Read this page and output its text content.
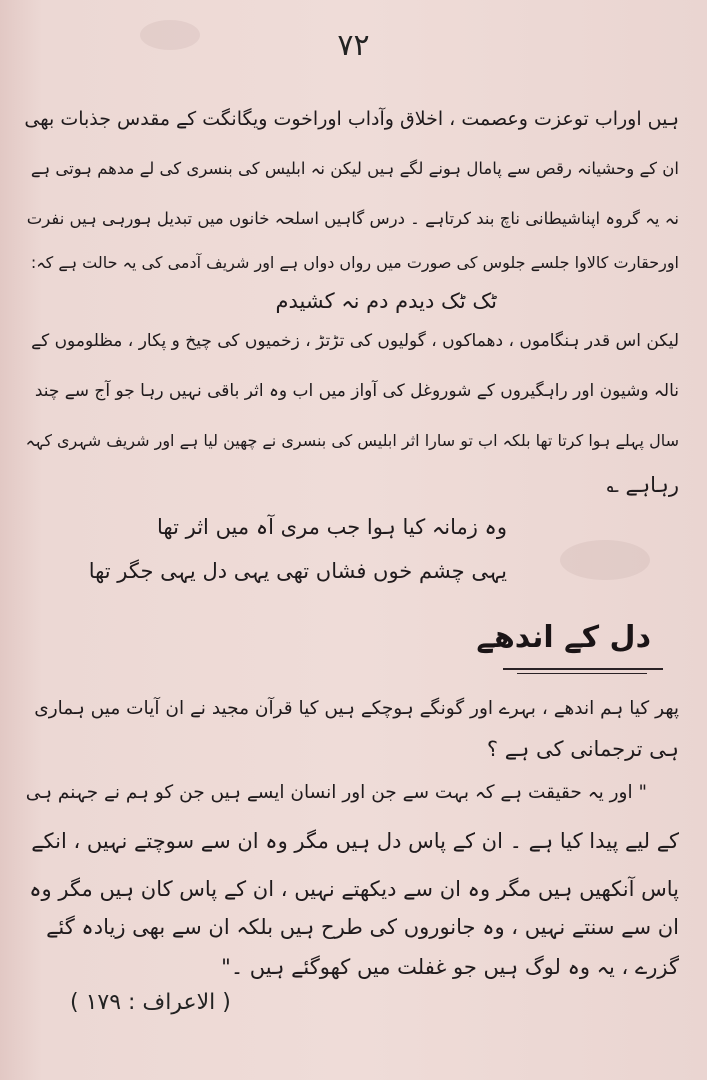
۷۲
ہیں اوراب توعزت وعصمت ، اخلاق وآداب اوراخوت ویگانگت کے مقدس جذبات بھی
ان کے وحشیانہ رقص سے پامال ہونے لگے ہیں لیکن نہ ابلیس کی بنسری کی لے مدھم ہوتی ہے
نہ یہ گروہ اپناشیطانی ناچ بند کرتاہے ۔ درس گاہیں اسلحہ خانوں میں تبدیل ہورہی ہیں نفرت
اورحقارت کالاوا جلسے جلوس کی صورت میں رواں دواں ہے اور شریف آدمی کی یہ حالت ہے کہ:
ٹک ٹک دیدم دم نہ کشیدم
لیکن اس قدر ہنگاموں ، دھماکوں ، گولیوں کی تڑتڑ ، زخمیوں کی چیخ و پکار ، مظلوموں کے
نالہ وشیون اور راہگیروں کے شوروغل کی آواز میں اب وہ اثر باقی نہیں رہا جو آج سے چند
سال پہلے ہوا کرتا تھا بلکہ اب تو سارا اثر ابلیس کی بنسری نے چھین لیا ہے اور شریف شہری کہہ
رہاہے ؎
وہ زمانہ کیا ہوا جب مری آہ میں اثر تھا
یہی چشم خوں فشاں تھی یہی دل یہی جگر تھا
دل کے اندھے
پھر کیا ہم اندھے ، بہرے اور گونگے ہوچکے ہیں کیا قرآن مجید نے ان آیات میں ہماری
ہی ترجمانی کی ہے ؟
" اور یہ حقیقت ہے کہ بہت سے جن اور انسان ایسے ہیں جن کو ہم نے جہنم ہی
کے لیے پیدا کیا ہے ۔ ان کے پاس دل ہیں مگر وہ ان سے سوچتے نہیں ، انکے
پاس آنکھیں ہیں مگر وہ ان سے دیکھتے نہیں ، ان کے پاس کان ہیں مگر وہ
ان سے سنتے نہیں ، وہ جانوروں کی طرح ہیں بلکہ ان سے بھی زیادہ گئے
گزرے ، یہ وہ لوگ ہیں جو غفلت میں کھوگئے ہیں ۔"
( الاعراف : ۱۷۹ )
